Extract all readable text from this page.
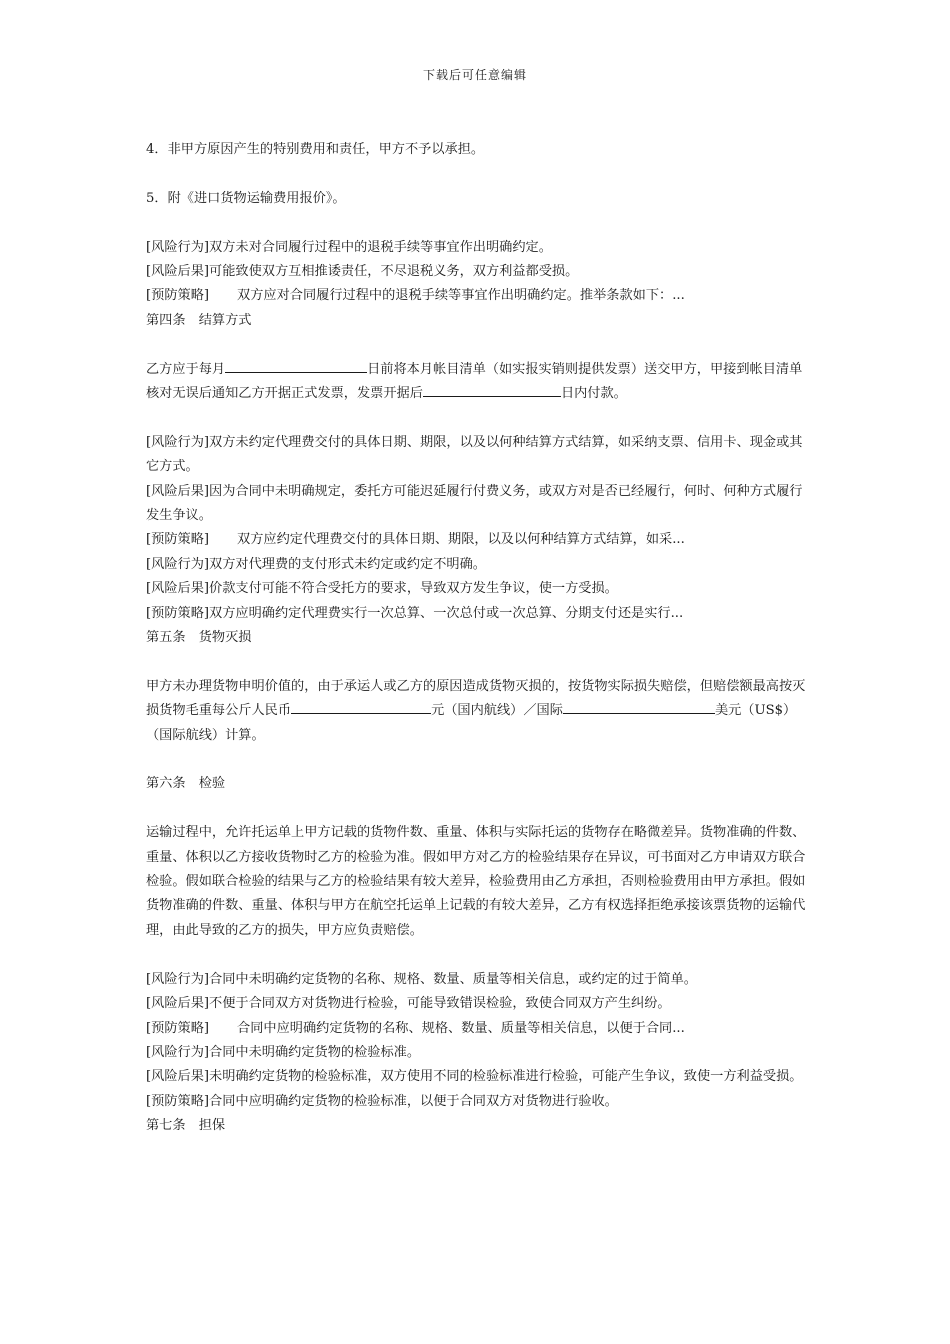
下载后可任意编辑

4．非甲方原因产生的特别费用和责任，甲方不予以承担。

5．附《进口货物运输费用报价》。

[风险行为]双方未对合同履行过程中的退税手续等事宜作出明确约定。

[风险后果]可能致使双方互相推诿责任，不尽退税义务，双方利益都受损。

[预防策略] 双方应对合同履行过程中的退税手续等事宜作出明确约定。推举条款如下：...

第四条　结算方式

乙方应于每月	日前将本月帐目清单（如实报实销则提供发票）送交甲方，甲接到帐目清单核对无误后通知乙方开据正式发票，发票开据后	日内付款。

[风险行为]双方未约定代理费交付的具体日期、期限，以及以何种结算方式结算，如采纳支票、信用卡、现金或其它方式。

[风险后果]因为合同中未明确规定，委托方可能迟延履行付费义务，或双方对是否已经履行，何时、何种方式履行发生争议。

[预防策略] 双方应约定代理费交付的具体日期、期限，以及以何种结算方式结算，如采...

[风险行为]双方对代理费的支付形式未约定或约定不明确。

[风险后果]价款支付可能不符合受托方的要求，导致双方发生争议，使一方受损。

[预防策略]双方应明确约定代理费实行一次总算、一次总付或一次总算、分期支付还是实行...

第五条　货物灭损

甲方未办理货物申明价值的，由于承运人或乙方的原因造成货物灭损的，按货物实际损失赔偿，但赔偿额最高按灭损货物毛重每公斤人民币	元（国内航线）／国际	美元（US$）（国际航线）计算。

第六条　检验

运输过程中，允许托运单上甲方记载的货物件数、重量、体积与实际托运的货物存在略微差异。货物准确的件数、重量、体积以乙方接收货物时乙方的检验为准。假如甲方对乙方的检验结果存在异议，可书面对乙方申请双方联合检验。假如联合检验的结果与乙方的检验结果有较大差异，检验费用由乙方承担，否则检验费用由甲方承担。假如货物准确的件数、重量、体积与甲方在航空托运单上记载的有较大差异，乙方有权选择拒绝承接该票货物的运输代理，由此导致的乙方的损失，甲方应负责赔偿。

[风险行为]合同中未明确约定货物的名称、规格、数量、质量等相关信息，或约定的过于简单。

[风险后果]不便于合同双方对货物进行检验，可能导致错误检验，致使合同双方产生纠纷。

[预防策略] 合同中应明确约定货物的名称、规格、数量、质量等相关信息，以便于合同...

[风险行为]合同中未明确约定货物的检验标准。

[风险后果]未明确约定货物的检验标准，双方使用不同的检验标准进行检验，可能产生争议，致使一方利益受损。

[预防策略]合同中应明确约定货物的检验标准，以便于合同双方对货物进行验收。

第七条　担保
